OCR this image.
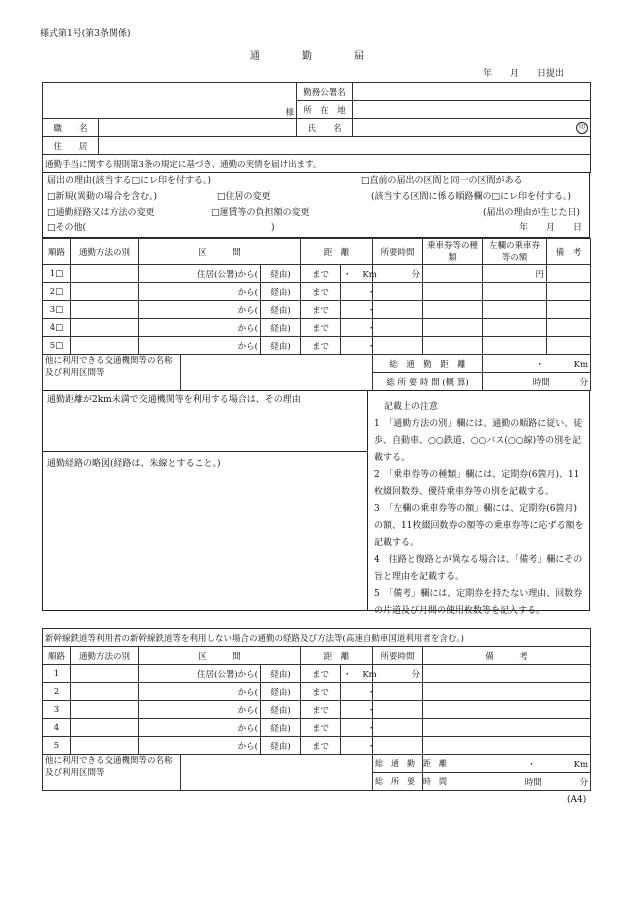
様式第1号(第3条関係)
通　勤　届
年　　月　　日提出
様		勤務公署名	
		所　在　地	
職　　名		氏　　名	印
住　　居			
通勤手当に関する規則第3条の規定に基づき、通勤の実情を届け出ます。			
届出の理由(該当する□にレ印を付する。)
□新規(異動の場合を含む。)	□住居の変更
□通勤経路又は方法の変更	□運賃等の負担額の変更
□その他(	)
□直前の届出の区間と同一の区間がある
(該当する区間に係る順路欄の□にレ印を付する。)
(届出の理由が生じた日)
年　　月　　日
順路	通勤方法の別	区　　　間			距　離		所要時間	乗車券等の種類	左欄の乗車券等の額	備　考
1□		住居(公署)から(		経由)	まで	・ Km	分		円	
2□		から(		経由)	まで	・				
3□		から(		経由)	まで	・				
4□		から(		経由)	まで	・				
5□		から(		経由)	まで	・				
他に利用できる交通機関等の名称及び利用区間等							総　通　勤　距　離		・ Km	
							総 所 要 時 間 (概 算)		時間 分	
通勤距離が2km未満で交通機関等を利用する場合は、その理由
通勤経路の略図(経路は、朱線とすること。)

記載上の注意

1　「通勤方法の別」欄には、通勤の順路に従い、徒歩、自動車、○○鉄道、○○バス(○○線)等の別を記載する。

2　「乗車券等の種類」欄には、定期券(6箇月)、11枚綴回数券、優待乗車券等の別を記載する。

3　「左欄の乗車券等の額」欄には、定期券(6箇月)の額、11枚綴回数券の額等の乗車券等に応ずる額を記載する。

4　往路と復路とが異なる場合は、「備考」欄にその旨と理由を記載する。

5　「備考」欄には、定期券を持たない理由、回数券の片道及び月間の使用枚数等を記入する。

新幹線鉄道等利用者の新幹線鉄道等を利用しない場合の通勤の経路及び方法等(高速自動車国道利用者を含む。)									
順路	通勤方法の別	区　　　間			距　離		所要時間	備　　　考	
1		住居(公署)から(		経由)	まで	・ Km	分		
2		から(		経由)	まで	・			
3		から(		経由)	まで	・			
4		から(		経由)	まで	・			
5		から(		経由)	まで	・			
他に利用できる交通機関等の名称及び利用区間等							総　通　勤　距　離	・ Km	
							総　所　要　時　間	時間 分	
(A4)
